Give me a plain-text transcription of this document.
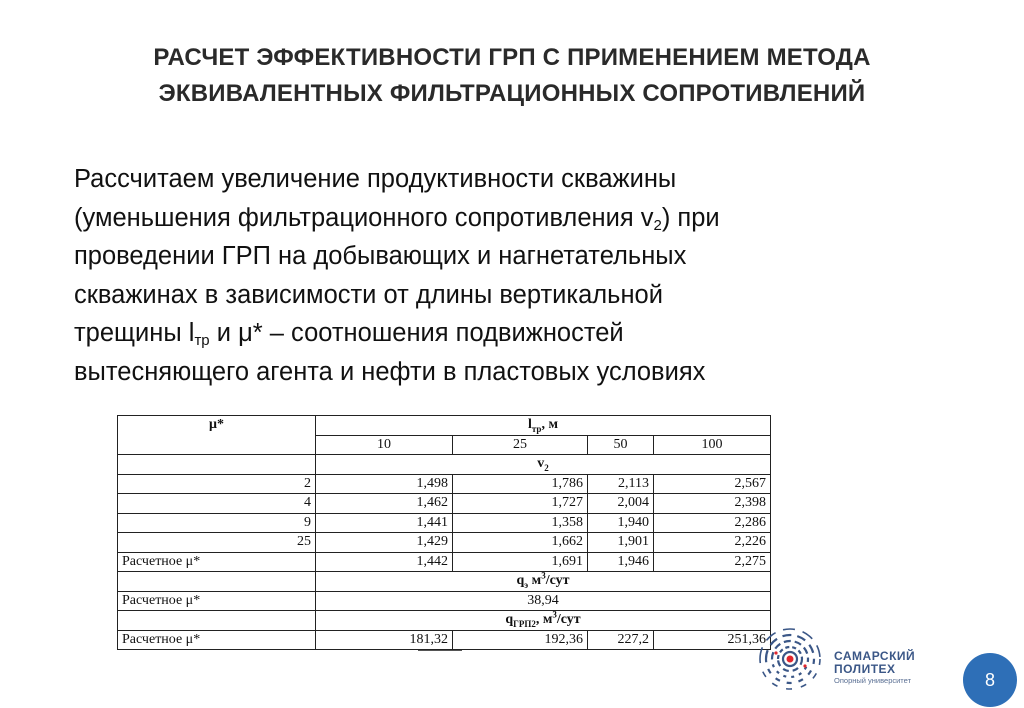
РАСЧЕТ ЭФФЕКТИВНОСТИ ГРП С ПРИМЕНЕНИЕМ МЕТОДА
ЭКВИВАЛЕНТНЫХ ФИЛЬТРАЦИОННЫХ СОПРОТИВЛЕНИЙ
Рассчитаем увеличение продуктивности скважины
(уменьшения фильтрационного сопротивления $v_2$) при
проведении ГРП на добывающих и нагнетательных
скважинах в зависимости от длины вертикальной
трещины $l_{тр}$ и μ* – соотношения подвижностей
вытесняющего агента и нефти в пластовых условиях
μ*	$l_{тр}$, м			
	10	25	50	100
	$v_2$
2	1,498	1,786	2,113	2,567
4	1,462	1,727	2,004	2,398
9	1,441	1,358	1,940	2,286
25	1,429	1,662	1,901	2,226
Расчетное μ*	1,442	1,691	1,946	2,275
	$q_э$ $м^3$/сут			
Расчетное μ*	38,94			
	$q_{ГРП2}$, $м^3$/сут			
Расчетное μ*	181,32	192,36	227,2	251,36
САМАРСКИЙ
ПОЛИТЕХ
Опорный университет	8
